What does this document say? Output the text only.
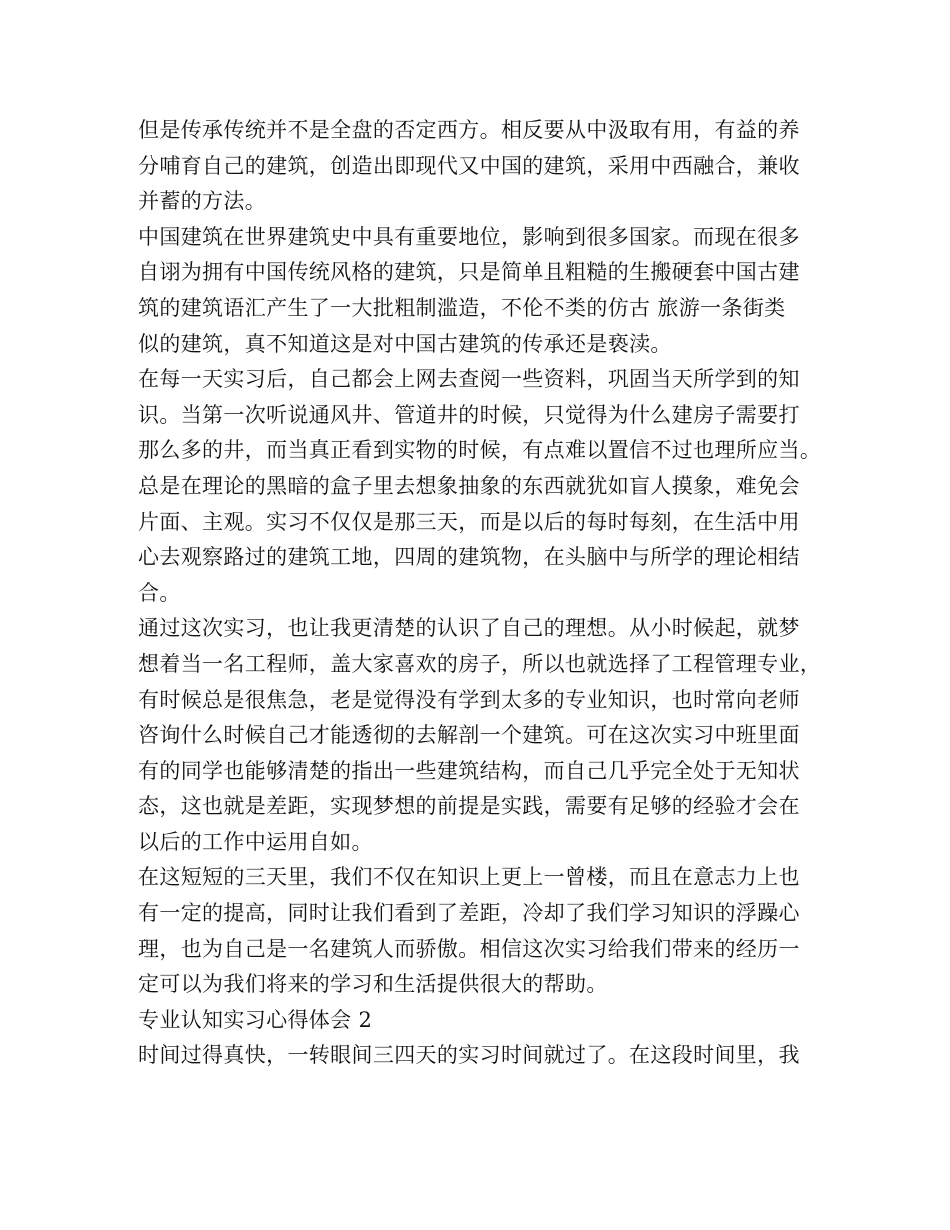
但是传承传统并不是全盘的否定西方。相反要从中汲取有用，有益的养
分哺育自己的建筑，创造出即现代又中国的建筑，采用中西融合，兼收
并蓄的方法。
中国建筑在世界建筑史中具有重要地位，影响到很多国家。而现在很多
自诩为拥有中国传统风格的建筑，只是简单且粗糙的生搬硬套中国古建
筑的建筑语汇产生了一大批粗制滥造，不伦不类的仿古 旅游一条街类
似的建筑，真不知道这是对中国古建筑的传承还是亵渎。
在每一天实习后，自己都会上网去查阅一些资料，巩固当天所学到的知
识。当第一次听说通风井、管道井的时候，只觉得为什么建房子需要打
那么多的井，而当真正看到实物的时候，有点难以置信不过也理所应当。
总是在理论的黑暗的盒子里去想象抽象的东西就犹如盲人摸象，难免会
片面、主观。实习不仅仅是那三天，而是以后的每时每刻，在生活中用
心去观察路过的建筑工地，四周的建筑物，在头脑中与所学的理论相结
合。
通过这次实习，也让我更清楚的认识了自己的理想。从小时候起，就梦
想着当一名工程师，盖大家喜欢的房子，所以也就选择了工程管理专业，
有时候总是很焦急，老是觉得没有学到太多的专业知识，也时常向老师
咨询什么时候自己才能透彻的去解剖一个建筑。可在这次实习中班里面
有的同学也能够清楚的指出一些建筑结构，而自己几乎完全处于无知状
态，这也就是差距，实现梦想的前提是实践，需要有足够的经验才会在
以后的工作中运用自如。
在这短短的三天里，我们不仅在知识上更上一曾楼，而且在意志力上也
有一定的提高，同时让我们看到了差距，冷却了我们学习知识的浮躁心
理，也为自己是一名建筑人而骄傲。相信这次实习给我们带来的经历一
定可以为我们将来的学习和生活提供很大的帮助。
专业认知实习心得体会 2
时间过得真快，一转眼间三四天的实习时间就过了。在这段时间里，我
